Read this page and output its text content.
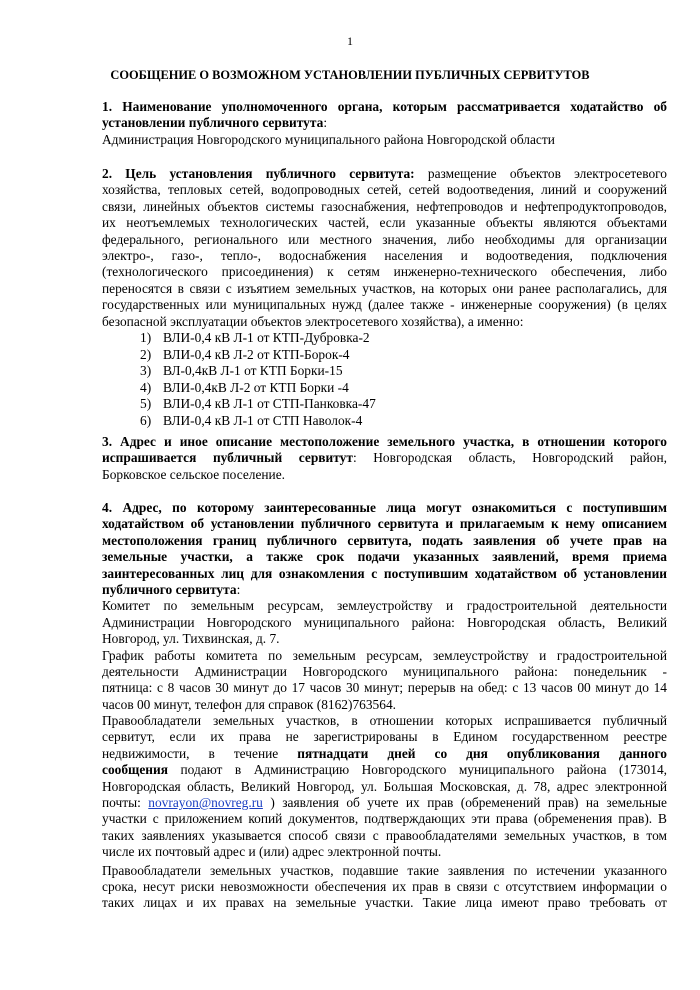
1
СООБЩЕНИЕ О ВОЗМОЖНОМ УСТАНОВЛЕНИИ ПУБЛИЧНЫХ СЕРВИТУТОВ
1. Наименование уполномоченного органа, которым рассматривается ходатайство об
установлении публичного сервитута:
Администрация Новгородского муниципального района Новгородской области
2. Цель установления публичного сервитута: размещение объектов электросетевого
хозяйства, тепловых сетей, водопроводных сетей, сетей водоотведения, линий и сооружений
связи, линейных объектов системы газоснабжения, нефтепроводов и нефтепродуктопроводов,
их неотъемлемых технологических частей, если указанные объекты являются объектами
федерального, регионального или местного значения, либо необходимы для организации
электро-, газо-, тепло-, водоснабжения населения и водоотведения, подключения
(технологического присоединения) к сетям инженерно-технического обеспечения, либо
переносятся в связи с изъятием земельных участков, на которых они ранее располагались, для
государственных или муниципальных нужд (далее также - инженерные сооружения) (в целях
безопасной эксплуатации объектов электросетевого хозяйства), а именно:
1) ВЛИ-0,4 кВ Л-1 от КТП-Дубровка-2
2) ВЛИ-0,4 кВ Л-2 от КТП-Борок-4
3) ВЛ-0,4кВ Л-1 от КТП Борки-15
4) ВЛИ-0,4кВ Л-2 от КТП Борки -4
5) ВЛИ-0,4 кВ Л-1 от СТП-Панковка-47
6) ВЛИ-0,4 кВ Л-1 от СТП Наволок-4
3. Адрес и иное описание местоположение земельного участка, в отношении которого
испрашивается публичный сервитут: Новгородская область, Новгородский район,
Борковское сельское поселение.
4. Адрес, по которому заинтересованные лица могут ознакомиться с поступившим
ходатайством об установлении публичного сервитута и прилагаемым к нему описанием
местоположения границ публичного сервитута, подать заявления об учете прав на
земельные участки, а также срок подачи указанных заявлений, время приема
заинтересованных лиц для ознакомления с поступившим ходатайством об установлении
публичного сервитута:
Комитет по земельным ресурсам, землеустройству и градостроительной деятельности
Администрации Новгородского муниципального района: Новгородская область, Великий
Новгород, ул. Тихвинская, д. 7.
График работы комитета по земельным ресурсам, землеустройству и градостроительной
деятельности Администрации Новгородского муниципального района: понедельник -
пятница: с 8 часов 30 минут до 17 часов 30 минут; перерыв на обед: с 13 часов 00 минут до 14
часов 00 минут, телефон для справок (8162)763564.
Правообладатели земельных участков, в отношении которых испрашивается публичный
сервитут, если их права не зарегистрированы в Едином государственном реестре
недвижимости, в течение пятнадцати дней со дня опубликования данного
сообщения подают в Администрацию Новгородского муниципального района (173014,
Новгородская область, Великий Новгород, ул. Большая Московская, д. 78, адрес электронной
почты: novrayon@novreg.ru ) заявления об учете их прав (обременений прав) на земельные
участки с приложением копий документов, подтверждающих эти права (обременения прав). В
таких заявлениях указывается способ связи с правообладателями земельных участков, в том
числе их почтовый адрес и (или) адрес электронной почты.
Правообладатели земельных участков, подавшие такие заявления по истечении указанного
срока, несут риски невозможности обеспечения их прав в связи с отсутствием информации о
таких лицах и их правах на земельные участки. Такие лица имеют право требовать от
